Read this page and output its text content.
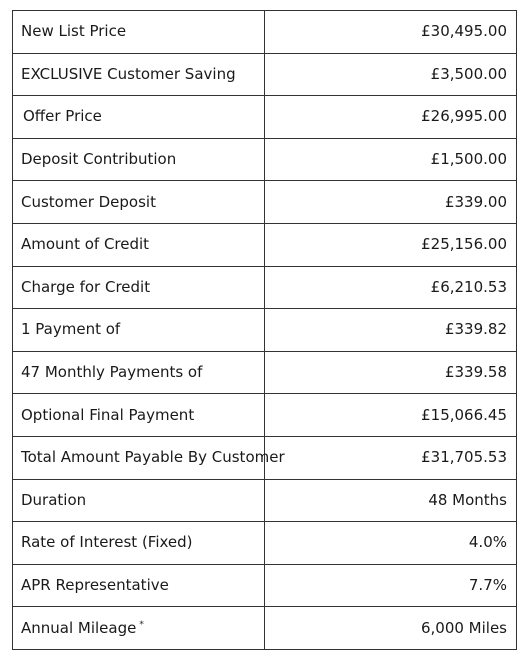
New List Price	£30,495.00
EXCLUSIVE Customer Saving	£3,500.00
Offer Price	£26,995.00
Deposit Contribution	£1,500.00
Customer Deposit	£339.00
Amount of Credit	£25,156.00
Charge for Credit	£6,210.53
1 Payment of	£339.82
47 Monthly Payments of	£339.58
Optional Final Payment	£15,066.45
Total Amount Payable By Customer	£31,705.53
Duration	48 Months
Rate of Interest (Fixed)	4.0%
APR Representative	7.7%
Annual Mileage *	6,000 Miles
